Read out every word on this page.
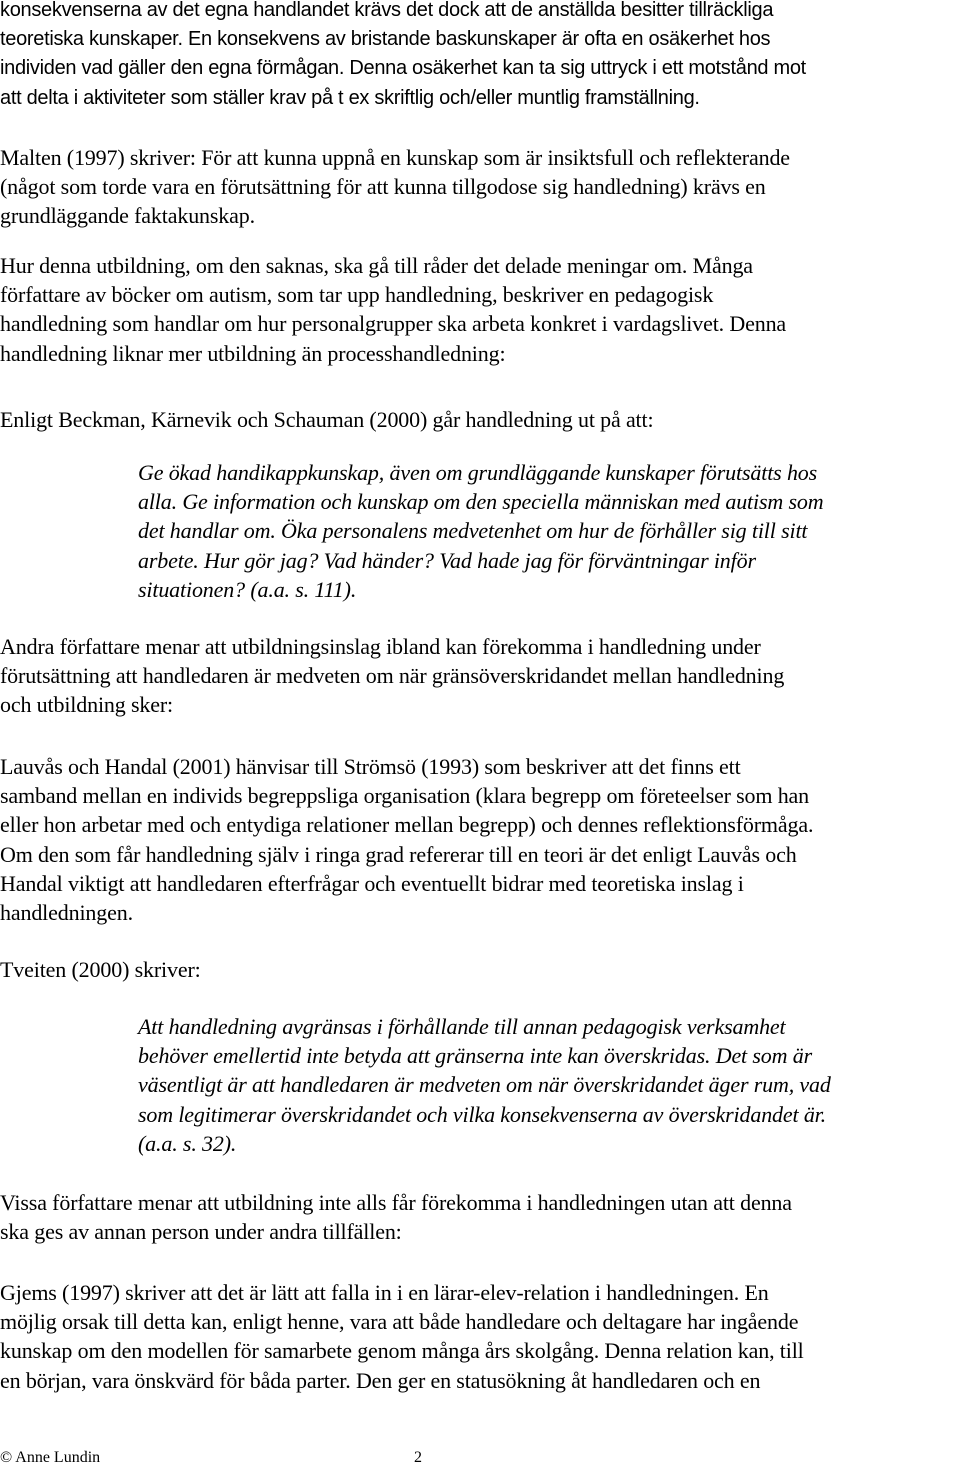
konsekvenserna av det egna handlandet krävs det dock att de anställda besitter tillräckliga
teoretiska kunskaper. En konsekvens av bristande baskunskaper är ofta en osäkerhet hos
individen vad gäller den egna förmågan. Denna osäkerhet kan ta sig uttryck i ett motstånd mot
att delta i aktiviteter som ställer krav på t ex skriftlig och/eller muntlig framställning.
Malten (1997) skriver: För att kunna uppnå en kunskap som är insiktsfull och reflekterande
(något som torde vara en förutsättning för att kunna tillgodose sig handledning) krävs en
grundläggande faktakunskap.
Hur denna utbildning, om den saknas, ska gå till råder det delade meningar om. Många
författare av böcker om autism, som tar upp handledning, beskriver en pedagogisk
handledning som handlar om hur personalgrupper ska arbeta konkret i vardagslivet. Denna
handledning liknar mer utbildning än processhandledning:
Enligt Beckman, Kärnevik och Schauman (2000) går handledning ut på att:
Ge ökad handikappkunskap, även om grundläggande kunskaper förutsätts hos
alla. Ge information och kunskap om den speciella människan med autism som
det handlar om. Öka personalens medvetenhet om hur de förhåller sig till sitt
arbete. Hur gör jag? Vad händer? Vad hade jag för förväntningar inför
situationen? (a.a. s. 111).
Andra författare menar att utbildningsinslag ibland kan förekomma i handledning under
förutsättning att handledaren är medveten om när gränsöverskridandet mellan handledning
och utbildning sker:
Lauvås och Handal (2001) hänvisar till Strömsö (1993) som beskriver att det finns ett
samband mellan en individs begreppsliga organisation (klara begrepp om företeelser som han
eller hon arbetar med och entydiga relationer mellan begrepp) och dennes reflektionsförmåga.
Om den som får handledning själv i ringa grad refererar till en teori är det enligt Lauvås och
Handal viktigt att handledaren efterfrågar och eventuellt bidrar med teoretiska inslag i
handledningen.
Tveiten (2000) skriver:
Att handledning avgränsas i förhållande till annan pedagogisk verksamhet
behöver emellertid inte betyda att gränserna inte kan överskridas. Det som är
väsentligt är att handledaren är medveten om när överskridandet äger rum, vad
som legitimerar överskridandet och vilka konsekvenserna av överskridandet är.
(a.a. s. 32).
Vissa författare menar att utbildning inte alls får förekomma i handledningen utan att denna
ska ges av annan person under andra tillfällen:
Gjems (1997) skriver att det är lätt att falla in i en lärar-elev-relation i handledningen. En
möjlig orsak till detta kan, enligt henne, vara att både handledare och deltagare har ingående
kunskap om den modellen för samarbete genom många års skolgång. Denna relation kan, till
en början, vara önskvärd för båda parter. Den ger en statusökning åt handledaren och en
© Anne Lundin	2
